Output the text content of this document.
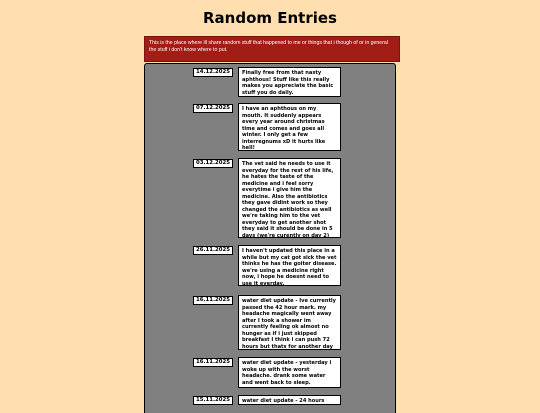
Random Entries
This is the place where ill share random stuff that happened to me or things that i though of or in general the stuff i don't know where to put.
14.12.2025	Finally free from that nasty aphthous! Stuff like this really makes you appreciate the basic stuff you do daily.
07.12.2025	I have an aphthous on my mouth. It suddenly appears every year around christmas time and comes and goes all winter. I only get a few interregnums xD it hurts like hell!
03.12.2025	The vet said he needs to use it everyday for the rest of his life, he hates the taste of the medicine and i feel sorry everytime i give him the medicine. Also the antibiotics they gave didint work so they changed the antibiotics as well we're taking him to the vet everyday to get another shot they said it should be done in 5 days (we're curently on day 2)
26.11.2025	I haven't updated this place in a while but my cat got sick the vet thinks he has the goiter disease. we're using a medicine right now, i hope he doesnt need to use it everday.
16.11.2025	water diet update - Ive currently passed the 42 hour mark. my headache magically went away after I took a shower im currently feeling ok almost no hunger as if i just skipped breakfast I think i can push 72 hours but thats for another day
16.11.2025	water diet update - yesterday i woke up with the worst headache. drank some water and went back to sleep.
15.11.2025	water diet update - 24 hours
